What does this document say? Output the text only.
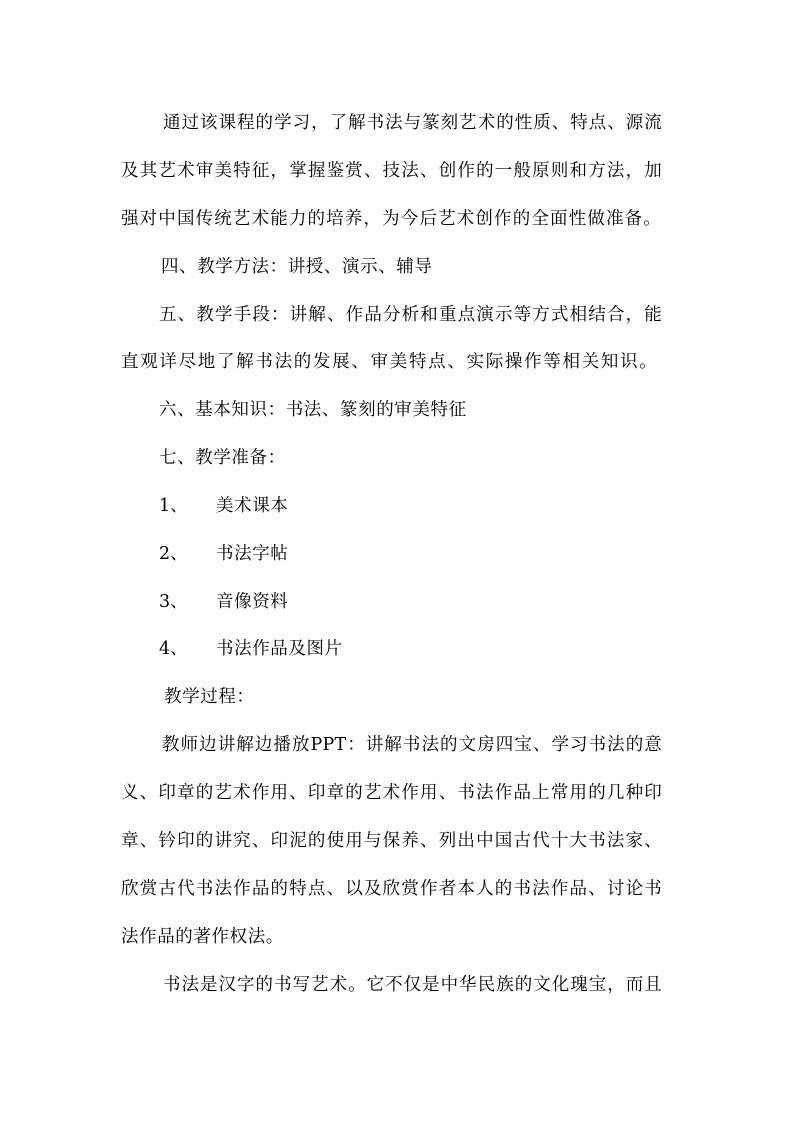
通过该课程的学习，了解书法与篆刻艺术的性质、特点、源流
及其艺术审美特征，掌握鉴赏、技法、创作的一般原则和方法，加
强对中国传统艺术能力的培养，为今后艺术创作的全面性做准备。
四、教学方法：讲授、演示、辅导
五、教学手段：讲解、作品分析和重点演示等方式相结合，能
直观详尽地了解书法的发展、审美特点、实际操作等相关知识。
六、基本知识：书法、篆刻的审美特征
七、教学准备：
1、 美术课本
2、 书法字帖
3、 音像资料
4、 书法作品及图片
教学过程：
教师边讲解边播放PPT：讲解书法的文房四宝、学习书法的意
义、印章的艺术作用、印章的艺术作用、书法作品上常用的几种印
章、钤印的讲究、印泥的使用与保养、列出中国古代十大书法家、
欣赏古代书法作品的特点、以及欣赏作者本人的书法作品、讨论书
法作品的著作权法。
书法是汉字的书写艺术。它不仅是中华民族的文化瑰宝，而且
